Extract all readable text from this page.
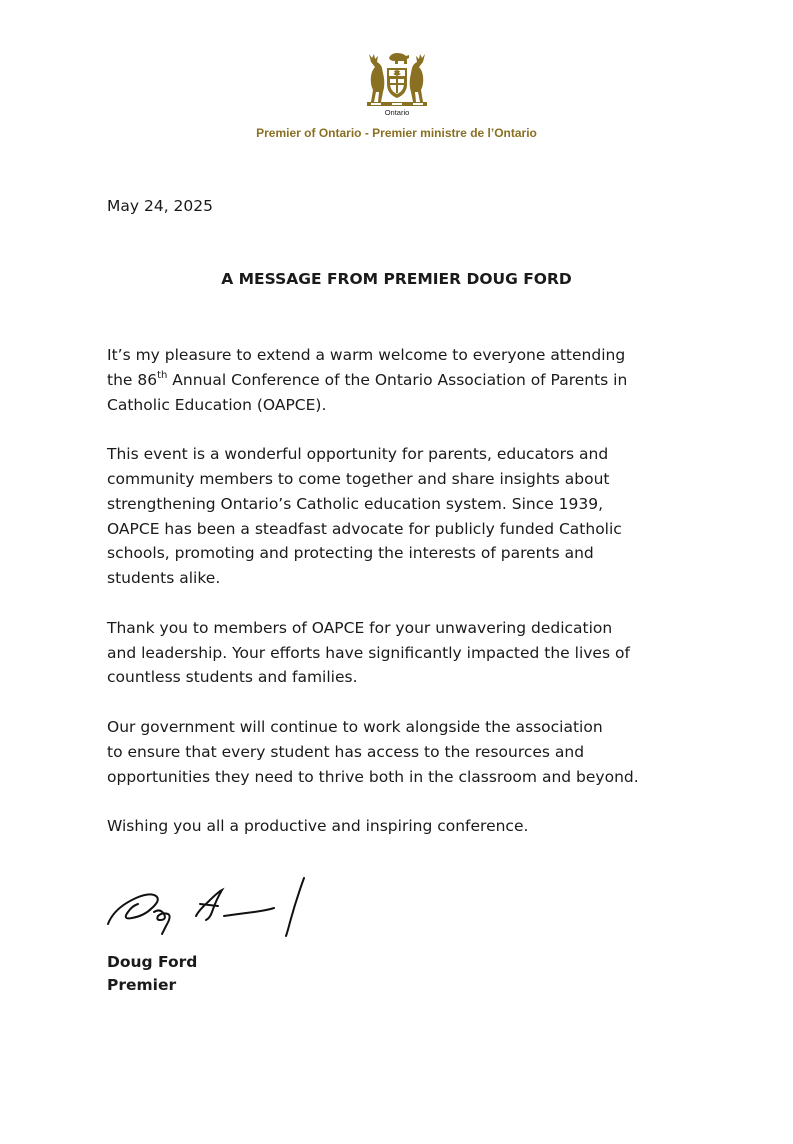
Ontario
Premier of Ontario - Premier ministre de l’Ontario
May 24, 2025
A MESSAGE FROM PREMIER DOUG FORD

It’s my pleasure to extend a warm welcome to everyone attending
the 86th Annual Conference of the Ontario Association of Parents in
Catholic Education (OAPCE).

This event is a wonderful opportunity for parents, educators and
community members to come together and share insights about
strengthening Ontario’s Catholic education system. Since 1939,
OAPCE has been a steadfast advocate for publicly funded Catholic
schools, promoting and protecting the interests of parents and
students alike.

Thank you to members of OAPCE for your unwavering dedication
and leadership. Your efforts have significantly impacted the lives of
countless students and families.

Our government will continue to work alongside the association
to ensure that every student has access to the resources and
opportunities they need to thrive both in the classroom and beyond.

Wishing you all a productive and inspiring conference.

Doug Ford
Premier
